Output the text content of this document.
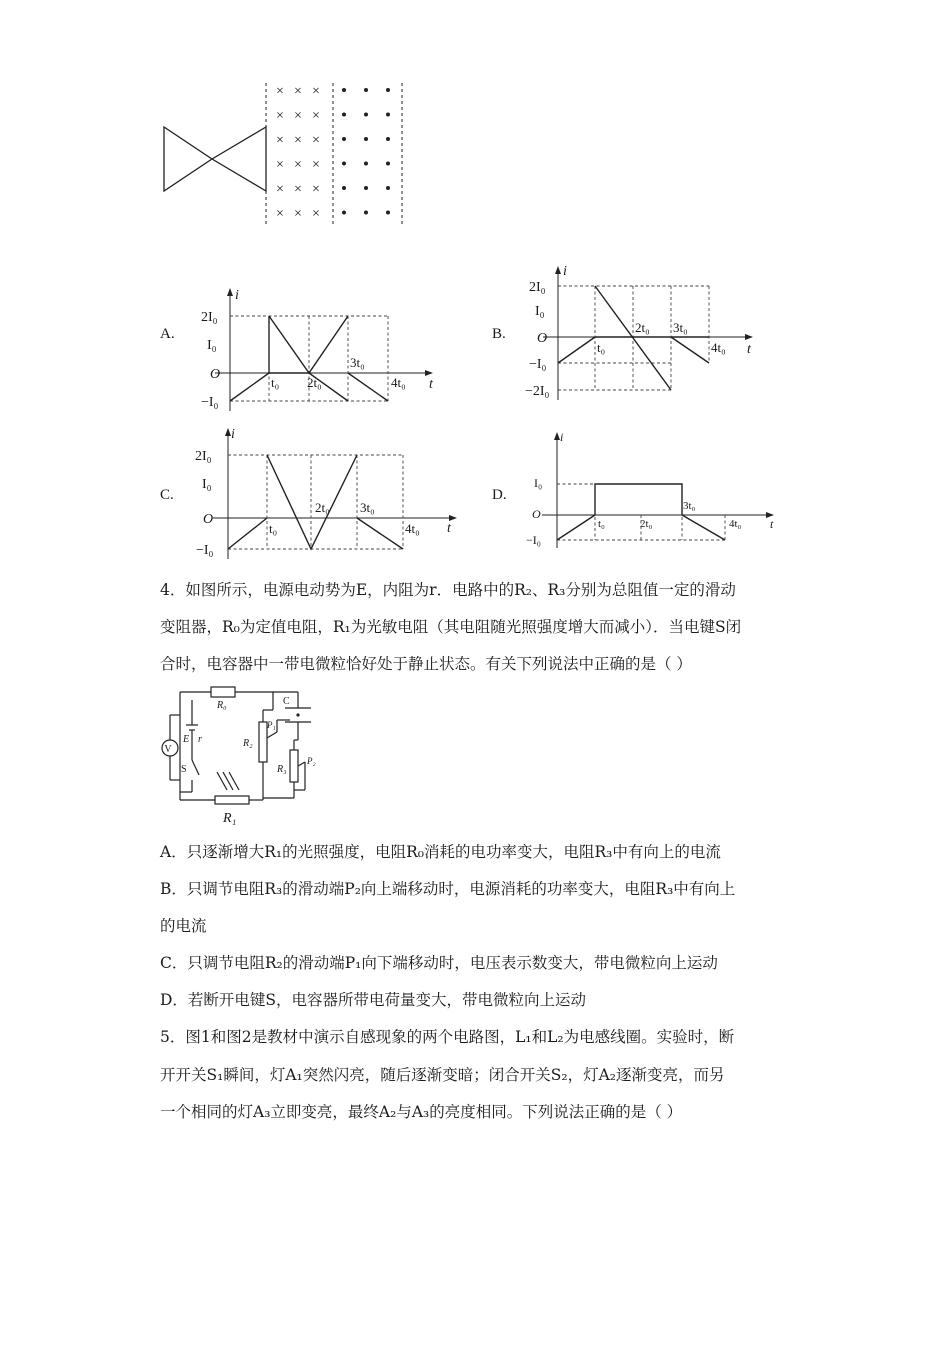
× × ×
× × ×
× × ×
× × ×
× × ×
× × ×
A.
i
t
2I₀
I₀
O
−I₀
t₀ 2t₀
3t₀
4t₀
B.
i
t
2I₀
I₀
O
−I₀
−2I₀
t₀
2t₀ 3t₀
4t₀
C.
i
t
2I₀
I₀
O
−I₀
t₀
2t₀ 3t₀
4t₀
D.
i
t
I₀
O
−I₀
t₀	2t₀
3t₀
4t₀
4．如图所示，电源电动势为E，内阻为r．电路中的R₂、R₃分别为总阻值一定的滑动
变阻器，R₀为定值电阻，R₁为光敏电阻（其电阻随光照强度增大而减小）．当电键S闭
合时，电容器中一带电微粒恰好处于静止状态。有关下列说法中正确的是（ ）
V
R₀
E r
S
R₂
P₁
C
R₃
P₂
R₁
A．只逐渐增大R₁的光照强度，电阻R₀消耗的电功率变大，电阻R₃中有向上的电流
B．只调节电阻R₃的滑动端P₂向上端移动时，电源消耗的功率变大，电阻R₃中有向上
的电流
C．只调节电阻R₂的滑动端P₁向下端移动时，电压表示数变大，带电微粒向上运动
D．若断开电键S，电容器所带电荷量变大，带电微粒向上运动
5．图1和图2是教材中演示自感现象的两个电路图，L₁和L₂为电感线圈。实验时，断
开开关S₁瞬间，灯A₁突然闪亮，随后逐渐变暗；闭合开关S₂，灯A₂逐渐变亮，而另
一个相同的灯A₃立即变亮，最终A₂与A₃的亮度相同。下列说法正确的是（ ）
